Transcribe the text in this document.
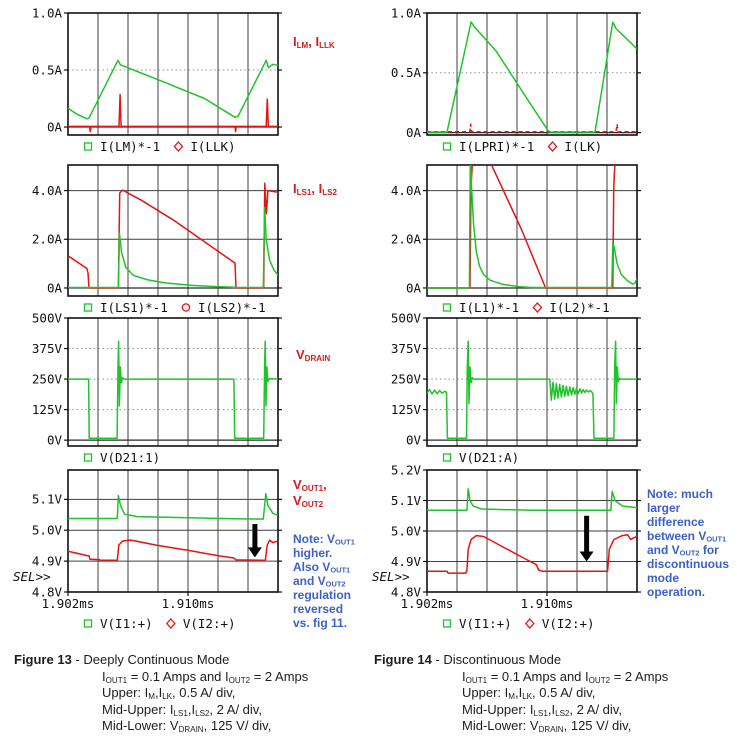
1.0A
0.5A
0A
I(LM)*-1 I(LLK)
4.0A
2.0A
0A
I(LS1)*-1 I(LS2)*-1
500V
375V
250V
125V
0V
V(D21:1)
5.1V
5.0V
4.9V
4.8V
1.902ms	1.910ms
SEL>>
V(I1:+) V(I2:+)
1.0A
0.5A
0A
I(LPRI)*-1 I(LK)
4.0A
2.0A
0A
I(L1)*-1 I(L2)*-1
500V
375V
250V
125V
0V
V(D21:A)
5.2V
5.1V
5.0V
4.9V
4.8V
1.902ms	1.910ms
SEL>>
V(I1:+) V(I2:+)
$I_{LM}$, $I_{LLK}$
$I_{LS1}$, $I_{LS2}$
$V_{DRAIN}$
$V_{OUT1}$,
$V_{OUT2}$
Note: $V_{OUT1}$
higher.
Also $V_{OUT1}$
and $V_{OUT2}$
regulation
reversed
vs. fig 11.
Note: much
larger
difference
between $V_{OUT1}$
and $V_{OUT2}$ for
discontinuous
mode
operation.
Figure 13 - Deeply Continuous Mode
$I_{OUT1} = 0.1$ Amps and $I_{OUT2} = 2$ Amps
Upper: $I_M,I_{LK}$, 0.5 A/ div,
Mid-Upper: $I_{LS1},I_{LS2}$, 2 A/ div,
Mid-Lower: $V_{DRAIN}$, 125 V/ div,
Figure 14 - Discontinuous Mode
$I_{OUT1} = 0.1$ Amps and $I_{OUT2} = 2$ Amps
Upper: $I_M,I_{LK}$, 0.5 A/ div,
Mid-Upper: $I_{LS1},I_{LS2}$, 2 A/ div,
Mid-Lower: $V_{DRAIN}$, 125 V/ div,
